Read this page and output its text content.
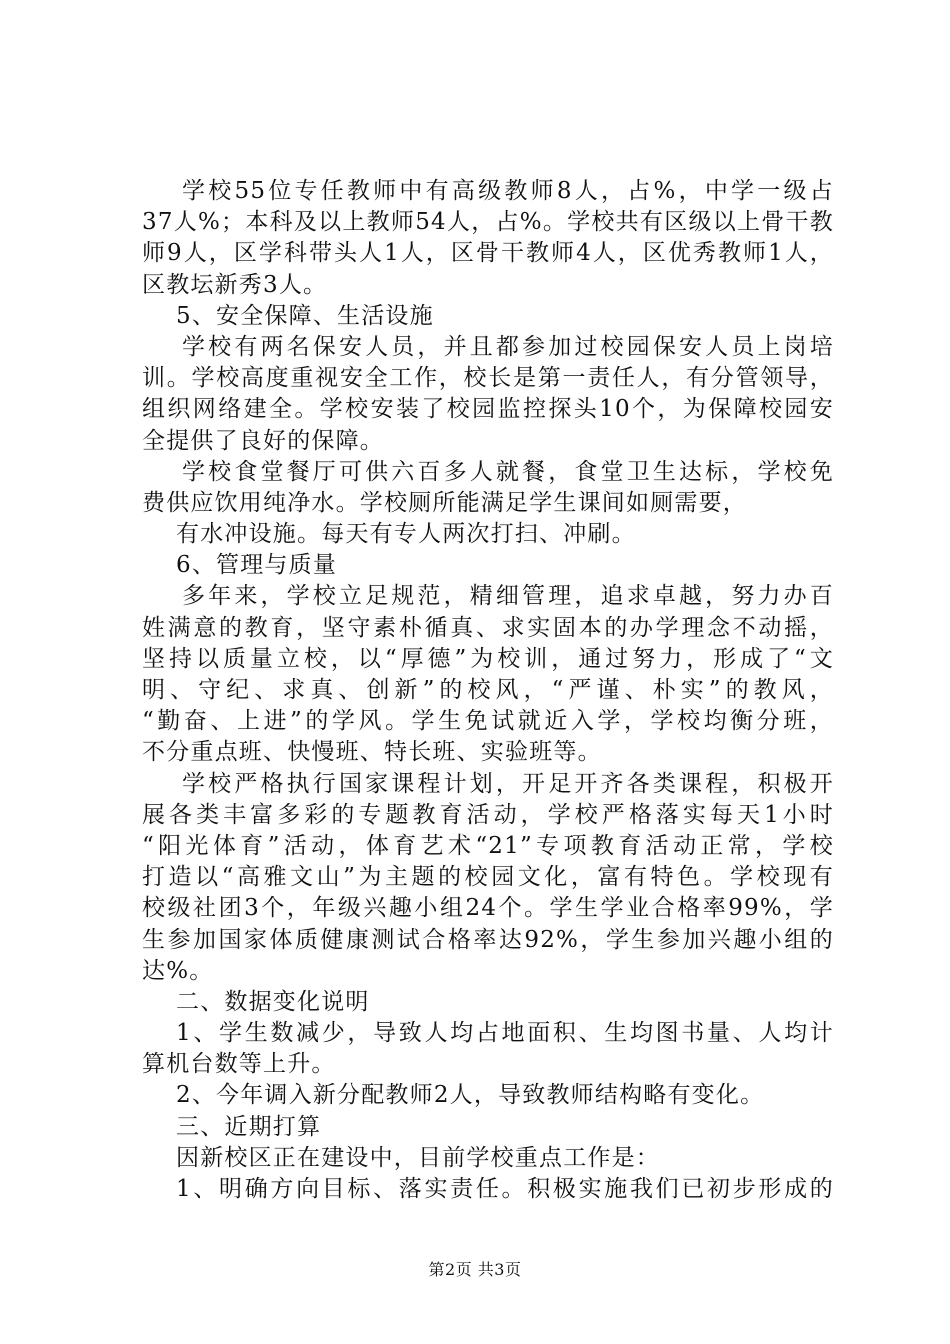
学校55位专任教师中有高级教师8人，占%，中学一级占
37人%；本科及以上教师54人，占%。学校共有区级以上骨干教
师9人，区学科带头人1人，区骨干教师4人，区优秀教师1人，
区教坛新秀3人。
5、安全保障、生活设施
学校有两名保安人员，并且都参加过校园保安人员上岗培
训。学校高度重视安全工作，校长是第一责任人，有分管领导，
组织网络建全。学校安装了校园监控探头10个，为保障校园安
全提供了良好的保障。
学校食堂餐厅可供六百多人就餐，食堂卫生达标，学校免
费供应饮用纯净水。学校厕所能满足学生课间如厕需要，
有水冲设施。每天有专人两次打扫、冲刷。
6、管理与质量
多年来，学校立足规范，精细管理，追求卓越，努力办百
姓满意的教育，坚守素朴循真、求实固本的办学理念不动摇，
坚持以质量立校，以“厚德”为校训，通过努力，形成了“文
明、守纪、求真、创新”的校风，“严谨、朴实”的教风，
“勤奋、上进”的学风。学生免试就近入学，学校均衡分班，
不分重点班、快慢班、特长班、实验班等。
学校严格执行国家课程计划，开足开齐各类课程，积极开
展各类丰富多彩的专题教育活动，学校严格落实每天1小时
“阳光体育”活动，体育艺术“21”专项教育活动正常，学校
打造以“高雅文山”为主题的校园文化，富有特色。学校现有
校级社团3个，年级兴趣小组24个。学生学业合格率99%，学
生参加国家体质健康测试合格率达92%，学生参加兴趣小组的
达%。
二、数据变化说明
1、学生数减少，导致人均占地面积、生均图书量、人均计
算机台数等上升。
2、今年调入新分配教师2人，导致教师结构略有变化。
三、近期打算
因新校区正在建设中，目前学校重点工作是：
1、明确方向目标、落实责任。积极实施我们已初步形成的
第2页 共3页
